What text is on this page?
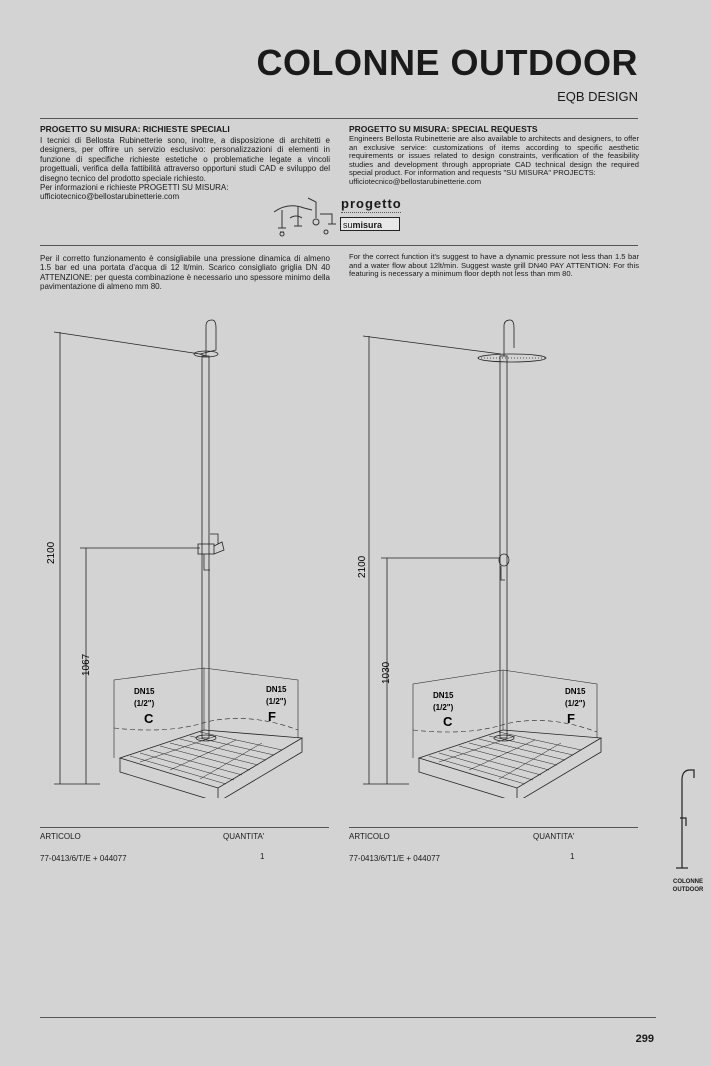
COLONNE OUTDOOR
EQB DESIGN
PROGETTO SU MISURA: RICHIESTE SPECIALI
I tecnici di Bellosta Rubinetterie sono, inoltre, a disposizione di architetti e designers, per offrire un servizio esclusivo: personalizzazioni di elementi in funzione di specifiche richieste estetiche o problematiche legate a vincoli progettuali, verifica della fattibilità attraverso opportuni studi CAD e sviluppo del disegno tecnico del prodotto speciale richiesto.
Per informazioni e richieste PROGETTI SU MISURA:
ufficiotecnico@bellostarubinetterie.com
PROGETTO SU MISURA: SPECIAL REQUESTS
Engineers Bellosta Rubinetterie are also available to architects and designers, to offer an exclusive service: customizations of items according to specific aesthetic requirements or issues related to design constraints, verification of the feasibility studies and development through appropriate CAD technical design the required special product. For information and requests "SU MISURA" PROJECTS:
ufficiotecnico@bellostarubinetterie.com
progetto
sumisura
Per il corretto funzionamento è consigliabile una pressione dinamica di almeno 1.5 bar ed una portata d'acqua di 12 lt/min. Scarico consigliato griglia DN 40 ATTENZIONE: per questa combinazione è necessario uno spessore minimo della pavimentazione di almeno mm 80.
For the correct function it's suggest to have a dynamic pressure not less than 1.5 bar and a water flow about 12lt/min. Suggest waste grill DN40 PAY ATTENTION: For this featuring is necessary a minimum floor depth not less than mm 80.
2100
1067
DN15
(1/2")
C
DN15
(1/2")
F
2100
1030
DN15
(1/2")
C
DN15
(1/2")
F
ARTICOLO	QUANTITA'
77-0413/6/T/E + 044077	1
ARTICOLO	QUANTITA'
77-0413/6/T1/E + 044077	1
COLONNE
OUTDOOR
299
